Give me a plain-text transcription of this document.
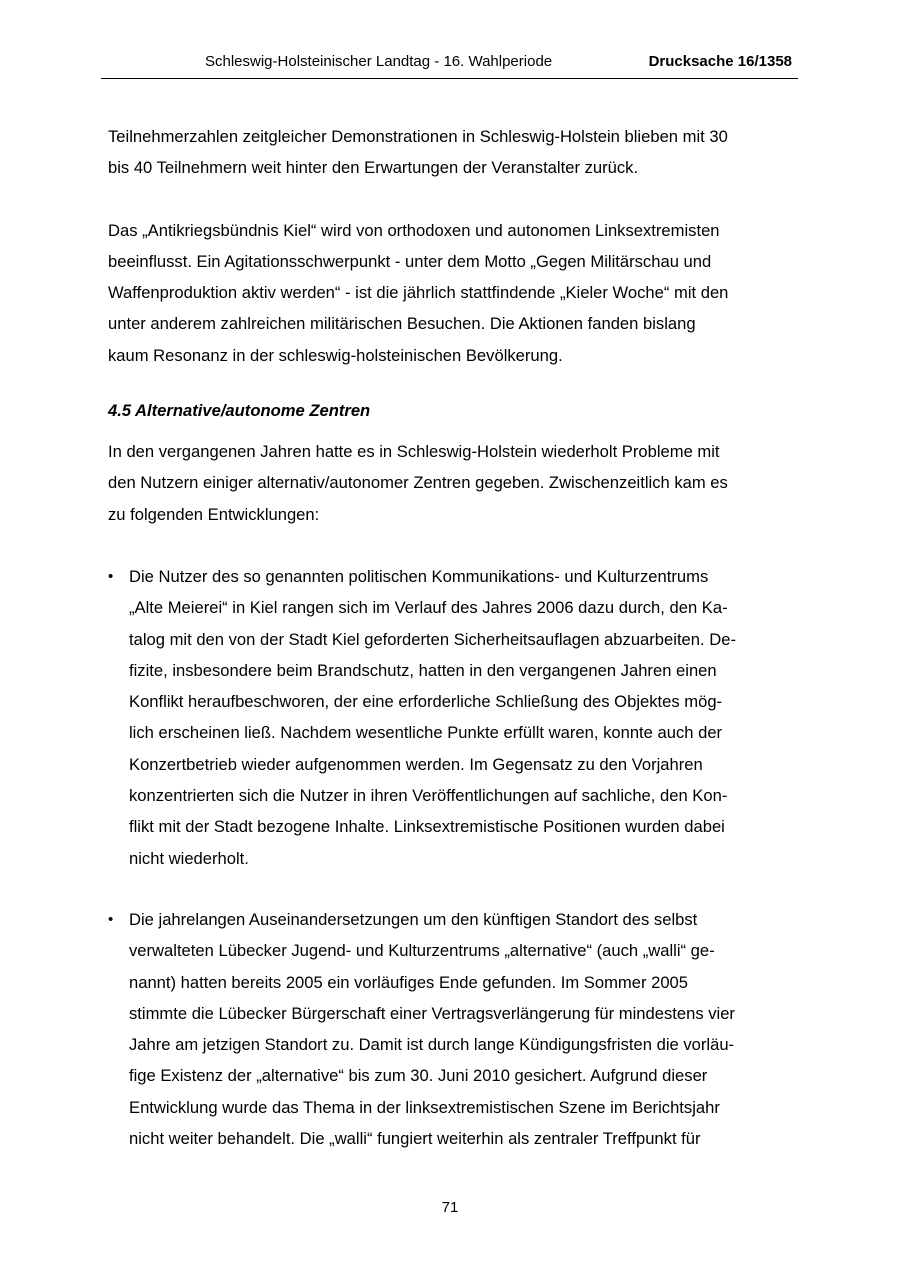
Schleswig-Holsteinischer Landtag - 16. Wahlperiode	Drucksache 16/1358

Teilnehmerzahlen zeitgleicher Demonstrationen in Schleswig-Holstein blieben mit 30
bis 40 Teilnehmern weit hinter den Erwartungen der Veranstalter zurück.

Das „Antikriegsbündnis Kiel“ wird von orthodoxen und autonomen Linksextremisten
beeinflusst. Ein Agitationsschwerpunkt - unter dem Motto „Gegen Militärschau und
Waffenproduktion aktiv werden“ - ist die jährlich stattfindende „Kieler Woche“ mit den
unter anderem zahlreichen militärischen Besuchen. Die Aktionen fanden bislang
kaum Resonanz in der schleswig-holsteinischen Bevölkerung.

4.5 Alternative/autonome Zentren

In den vergangenen Jahren hatte es in Schleswig-Holstein wiederholt Probleme mit
den Nutzern einiger alternativ/autonomer Zentren gegeben. Zwischenzeitlich kam es
zu folgenden Entwicklungen:

• Die Nutzer des so genannten politischen Kommunikations- und Kulturzentrums
„Alte Meierei“ in Kiel rangen sich im Verlauf des Jahres 2006 dazu durch, den Ka-
talog mit den von der Stadt Kiel geforderten Sicherheitsauflagen abzuarbeiten. De-
fizite, insbesondere beim Brandschutz, hatten in den vergangenen Jahren einen
Konflikt heraufbeschworen, der eine erforderliche Schließung des Objektes mög-
lich erscheinen ließ. Nachdem wesentliche Punkte erfüllt waren, konnte auch der
Konzertbetrieb wieder aufgenommen werden. Im Gegensatz zu den Vorjahren
konzentrierten sich die Nutzer in ihren Veröffentlichungen auf sachliche, den Kon-
flikt mit der Stadt bezogene Inhalte. Linksextremistische Positionen wurden dabei
nicht wiederholt.

• Die jahrelangen Auseinandersetzungen um den künftigen Standort des selbst
verwalteten Lübecker Jugend- und Kulturzentrums „alternative“ (auch „walli“ ge-
nannt) hatten bereits 2005 ein vorläufiges Ende gefunden. Im Sommer 2005
stimmte die Lübecker Bürgerschaft einer Vertragsverlängerung für mindestens vier
Jahre am jetzigen Standort zu. Damit ist durch lange Kündigungsfristen die vorläu-
fige Existenz der „alternative“ bis zum 30. Juni 2010 gesichert. Aufgrund dieser
Entwicklung wurde das Thema in der linksextremistischen Szene im Berichtsjahr
nicht weiter behandelt. Die „walli“ fungiert weiterhin als zentraler Treffpunkt für

71
